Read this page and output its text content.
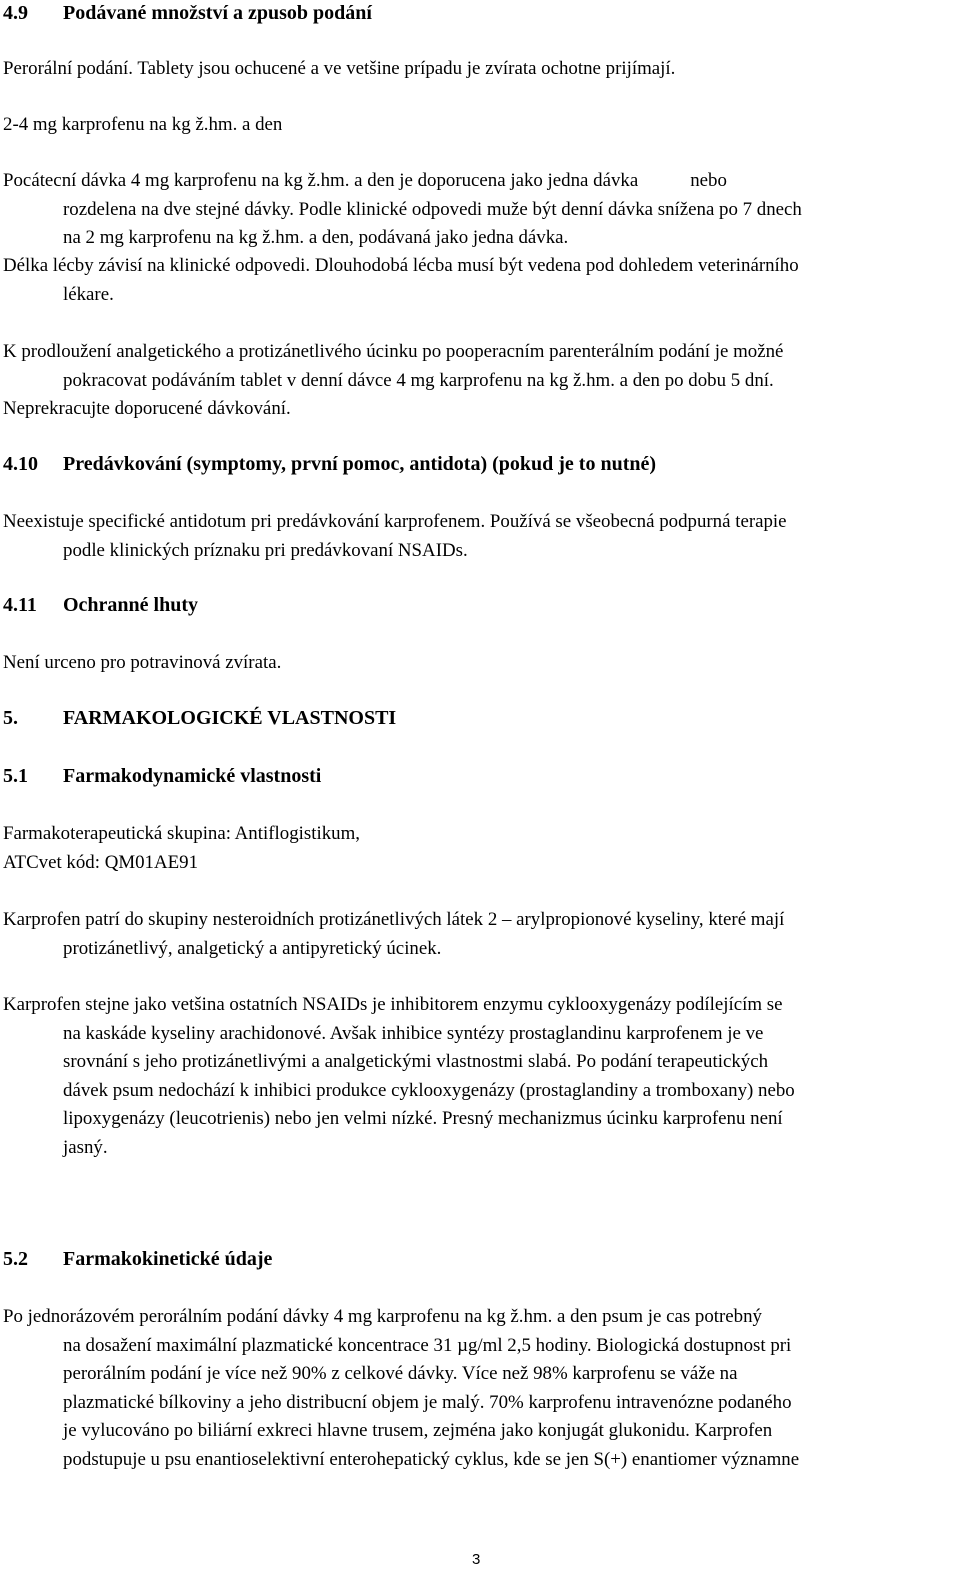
4.9 Podávané množství a zpusob podání
Perorální podání. Tablety jsou ochucené a ve vetšine prípadu je zvírata ochotne prijímají.
2-4 mg karprofenu na kg ž.hm. a den
Pocátecní dávka 4 mg karprofenu na kg ž.hm. a den je doporucena jako jedna dávka	nebo
rozdelena na dve stejné dávky. Podle klinické odpovedi muže být denní dávka snížena po 7 dnech
na 2 mg karprofenu na kg ž.hm. a den, podávaná jako jedna dávka.
Délka lécby závisí na klinické odpovedi. Dlouhodobá lécba musí být vedena pod dohledem veterinárního
lékare.
K prodloužení analgetického a protizánetlivého úcinku po pooperacním parenterálním podání je možné
pokracovat podáváním tablet v denní dávce 4 mg karprofenu na kg ž.hm. a den po dobu 5 dní.
Neprekracujte doporucené dávkování.
4.10 Predávkování (symptomy, první pomoc, antidota) (pokud je to nutné)
Neexistuje specifické antidotum pri predávkování karprofenem. Používá se všeobecná podpurná terapie
podle klinických príznaku pri predávkovaní NSAIDs.
4.11 Ochranné lhuty
Není urceno pro potravinová zvírata.
5. FARMAKOLOGICKÉ VLASTNOSTI
5.1 Farmakodynamické vlastnosti
Farmakoterapeutická skupina: Antiflogistikum,
ATCvet kód: QM01AE91
Karprofen patrí do skupiny nesteroidních protizánetlivých látek 2 – arylpropionové kyseliny, které mají
protizánetlivý, analgetický a antipyretický úcinek.
Karprofen stejne jako vetšina ostatních NSAIDs je inhibitorem enzymu cyklooxygenázy podílejícím se
na kaskáde kyseliny arachidonové. Avšak inhibice syntézy prostaglandinu karprofenem je ve
srovnání s jeho protizánetlivými a analgetickými vlastnostmi slabá. Po podání terapeutických
dávek psum nedochází k inhibici produkce cyklooxygenázy (prostaglandiny a tromboxany) nebo
lipoxygenázy (leucotrienis) nebo jen velmi nízké. Presný mechanizmus úcinku karprofenu není
jasný.
5.2 Farmakokinetické údaje
Po jednorázovém perorálním podání dávky 4 mg karprofenu na kg ž.hm. a den psum je cas potrebný
na dosažení maximální plazmatické koncentrace 31 µg/ml 2,5 hodiny. Biologická dostupnost pri
perorálním podání je více než 90% z celkové dávky. Více než 98% karprofenu se váže na
plazmatické bílkoviny a jeho distribucní objem je malý. 70% karprofenu intravenózne podaného
je vylucováno po biliární exkreci hlavne trusem, zejména jako konjugát glukonidu. Karprofen
podstupuje u psu enantioselektivní enterohepatický cyklus, kde se jen S(+) enantiomer významne
3
